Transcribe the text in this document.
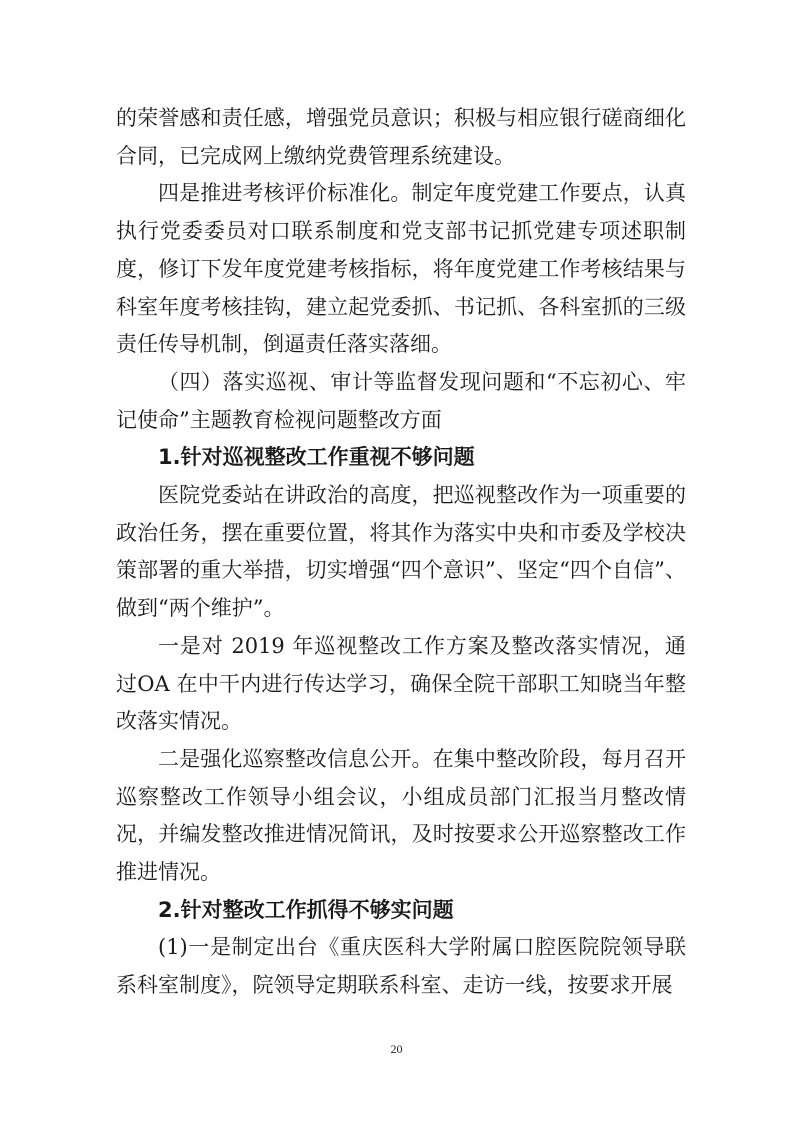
的荣誉感和责任感，增强党员意识；积极与相应银行磋商细化合同，已完成网上缴纳党费管理系统建设。

四是推进考核评价标准化。制定年度党建工作要点，认真执行党委委员对口联系制度和党支部书记抓党建专项述职制度，修订下发年度党建考核指标，将年度党建工作考核结果与科室年度考核挂钩，建立起党委抓、书记抓、各科室抓的三级责任传导机制，倒逼责任落实落细。

（四）落实巡视、审计等监督发现问题和“不忘初心、牢记使命”主题教育检视问题整改方面

1.针对巡视整改工作重视不够问题

医院党委站在讲政治的高度，把巡视整改作为一项重要的政治任务，摆在重要位置，将其作为落实中央和市委及学校决策部署的重大举措，切实增强“四个意识”、坚定“四个自信”、做到“两个维护”。

一是对 2019 年巡视整改工作方案及整改落实情况，通过OA 在中干内进行传达学习，确保全院干部职工知晓当年整改落实情况。

二是强化巡察整改信息公开。在集中整改阶段，每月召开巡察整改工作领导小组会议，小组成员部门汇报当月整改情况，并编发整改推进情况简讯，及时按要求公开巡察整改工作推进情况。

2.针对整改工作抓得不够实问题

(1)一是制定出台《重庆医科大学附属口腔医院院领导联系科室制度》，院领导定期联系科室、走访一线，按要求开展

20
